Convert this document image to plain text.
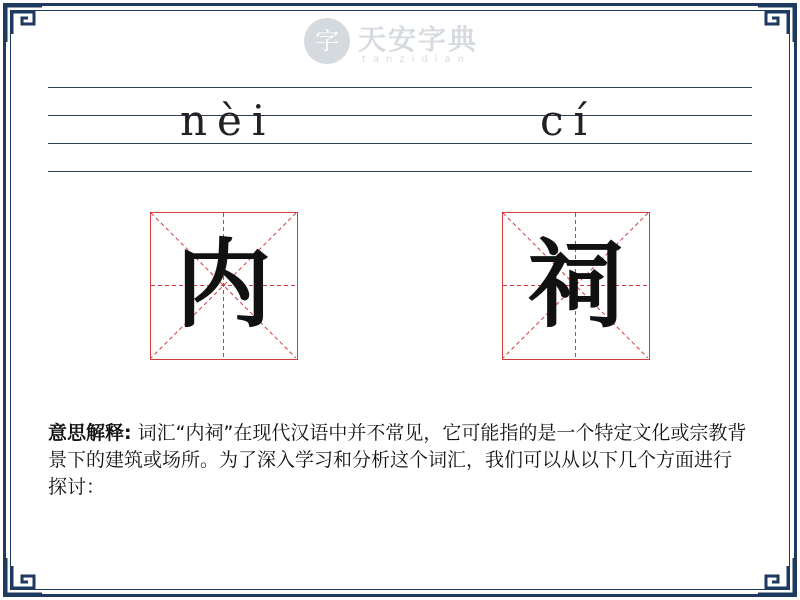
字 天安字典
tanzidian
nèi	cí
内	祠
意思解释: 词汇“内祠”在现代汉语中并不常见，它可能指的是一个特定文化或宗教背景下的建筑或场所。为了深入学习和分析这个词汇，我们可以从以下几个方面进行探讨：
